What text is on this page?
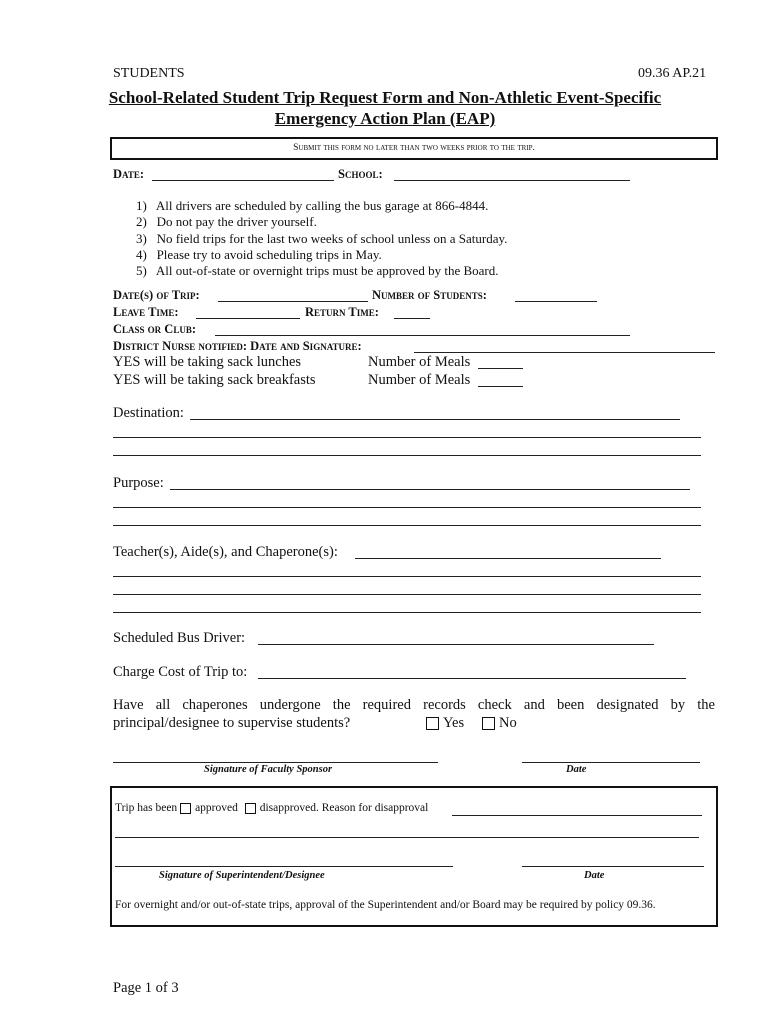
STUDENTS	09.36 AP.21
School-Related Student Trip Request Form and Non-Athletic Event-Specific
Emergency Action Plan (EAP)
Submit this form no later than two weeks prior to the trip.
Date:	School:
1)   All drivers are scheduled by calling the bus garage at 866-4844.
2)   Do not pay the driver yourself.
3)   No field trips for the last two weeks of school unless on a Saturday.
4)   Please try to avoid scheduling trips in May.
5)   All out-of-state or overnight trips must be approved by the Board.
Date(s) of Trip:	Number of Students:
Leave Time:	Return Time:
Class or Club:
District Nurse notified: Date and Signature:
YES will be taking sack lunches	Number of Meals
YES will be taking sack breakfasts	Number of Meals
Destination:
Purpose:
Teacher(s), Aide(s), and Chaperone(s):
Scheduled Bus Driver:
Charge Cost of Trip to:
Have all chaperones undergone the required records check and been designated by the
principal/designee to supervise students?	Yes	No
Signature of Faculty Sponsor	Date
Trip has been approved disapproved. Reason for disapproval
Signature of Superintendent/Designee	Date
For overnight and/or out-of-state trips, approval of the Superintendent and/or Board may be required by policy 09.36.
Page 1 of 3
